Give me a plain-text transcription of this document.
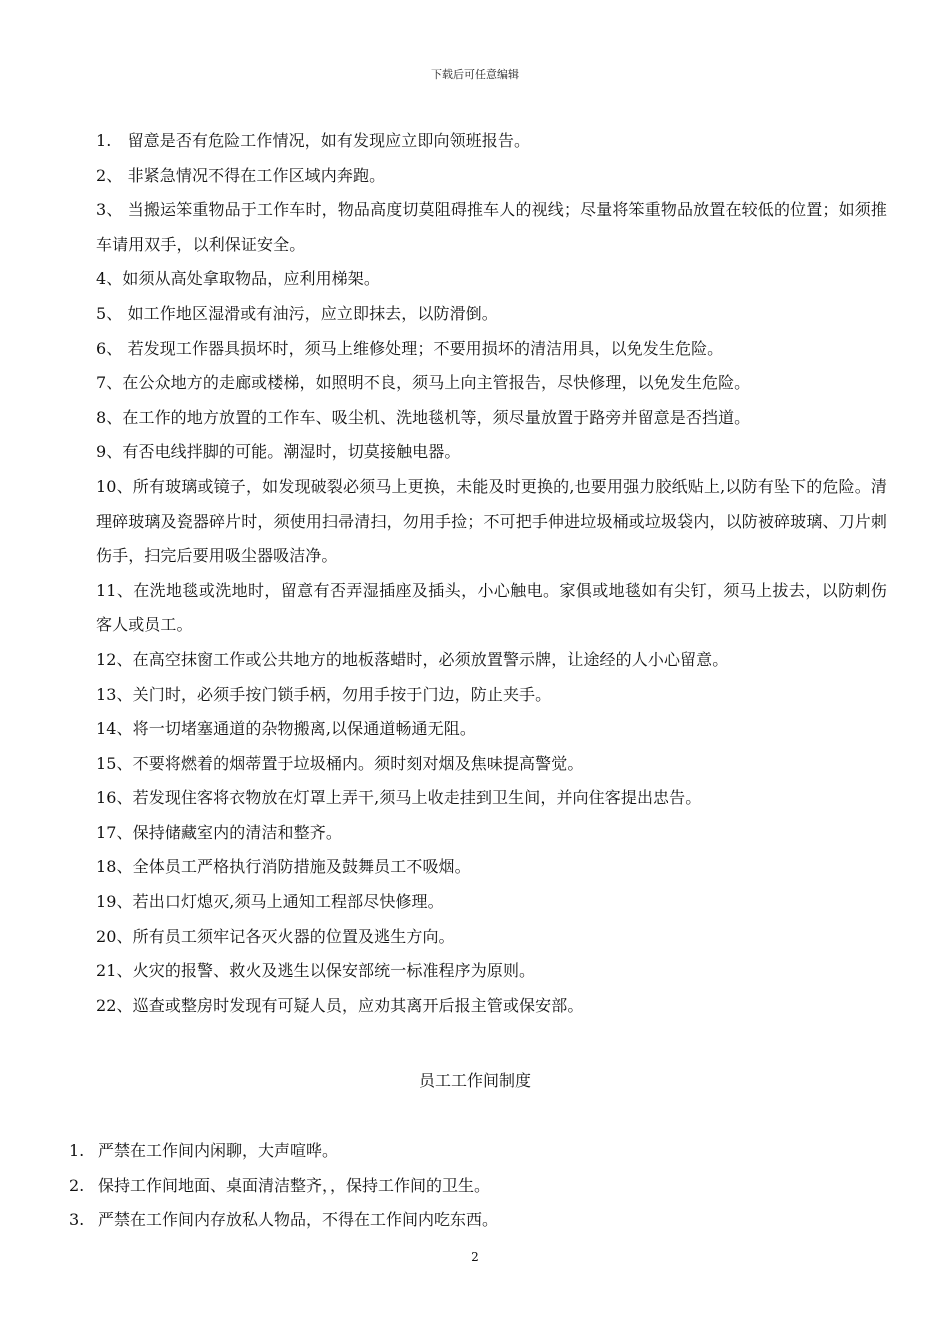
下载后可任意编辑

1.　留意是否有危险工作情况，如有发现应立即向领班报告。

2、 非紧急情况不得在工作区域内奔跑。

3、 当搬运笨重物品于工作车时，物品高度切莫阻碍推车人的视线；尽量将笨重物品放置在较低的位置；如须推车请用双手，以利保证安全。

4、如须从高处拿取物品，应利用梯架。

5、 如工作地区湿滑或有油污，应立即抹去，以防滑倒。

6、 若发现工作器具损坏时，须马上维修处理；不要用损坏的清洁用具，以免发生危险。

7、在公众地方的走廊或楼梯，如照明不良，须马上向主管报告，尽快修理，以免发生危险。

8、在工作的地方放置的工作车、吸尘机、洗地毯机等，须尽量放置于路旁并留意是否挡道。

9、有否电线拌脚的可能。潮湿时，切莫接触电器。

10、所有玻璃或镜子，如发现破裂必须马上更换，未能及时更换的,也要用强力胶纸贴上,以防有坠下的危险。清理碎玻璃及瓷器碎片时，须使用扫帚清扫，勿用手捡；不可把手伸进垃圾桶或垃圾袋内，以防被碎玻璃、刀片刺伤手，扫完后要用吸尘器吸洁净。

11、在洗地毯或洗地时，留意有否弄湿插座及插头，小心触电。家俱或地毯如有尖钉，须马上拔去，以防刺伤客人或员工。

12、在高空抹窗工作或公共地方的地板落蜡时，必须放置警示牌，让途经的人小心留意。

13、关门时，必须手按门锁手柄，勿用手按于门边，防止夹手。

14、将一切堵塞通道的杂物搬离,以保通道畅通无阻。

15、不要将燃着的烟蒂置于垃圾桶内。须时刻对烟及焦味提高警觉。

16、若发现住客将衣物放在灯罩上弄干,须马上收走挂到卫生间，并向住客提出忠告。

17、保持储藏室内的清洁和整齐。

18、全体员工严格执行消防措施及鼓舞员工不吸烟。

19、若出口灯熄灭,须马上通知工程部尽快修理。

20、所有员工须牢记各灭火器的位置及逃生方向。

21、火灾的报警、救火及逃生以保安部统一标准程序为原则。

22、巡查或整房时发现有可疑人员，应劝其离开后报主管或保安部。

员工工作间制度

1. 严禁在工作间内闲聊，大声喧哗。

2. 保持工作间地面、桌面清洁整齐，，保持工作间的卫生。

3. 严禁在工作间内存放私人物品，不得在工作间内吃东西。

2
